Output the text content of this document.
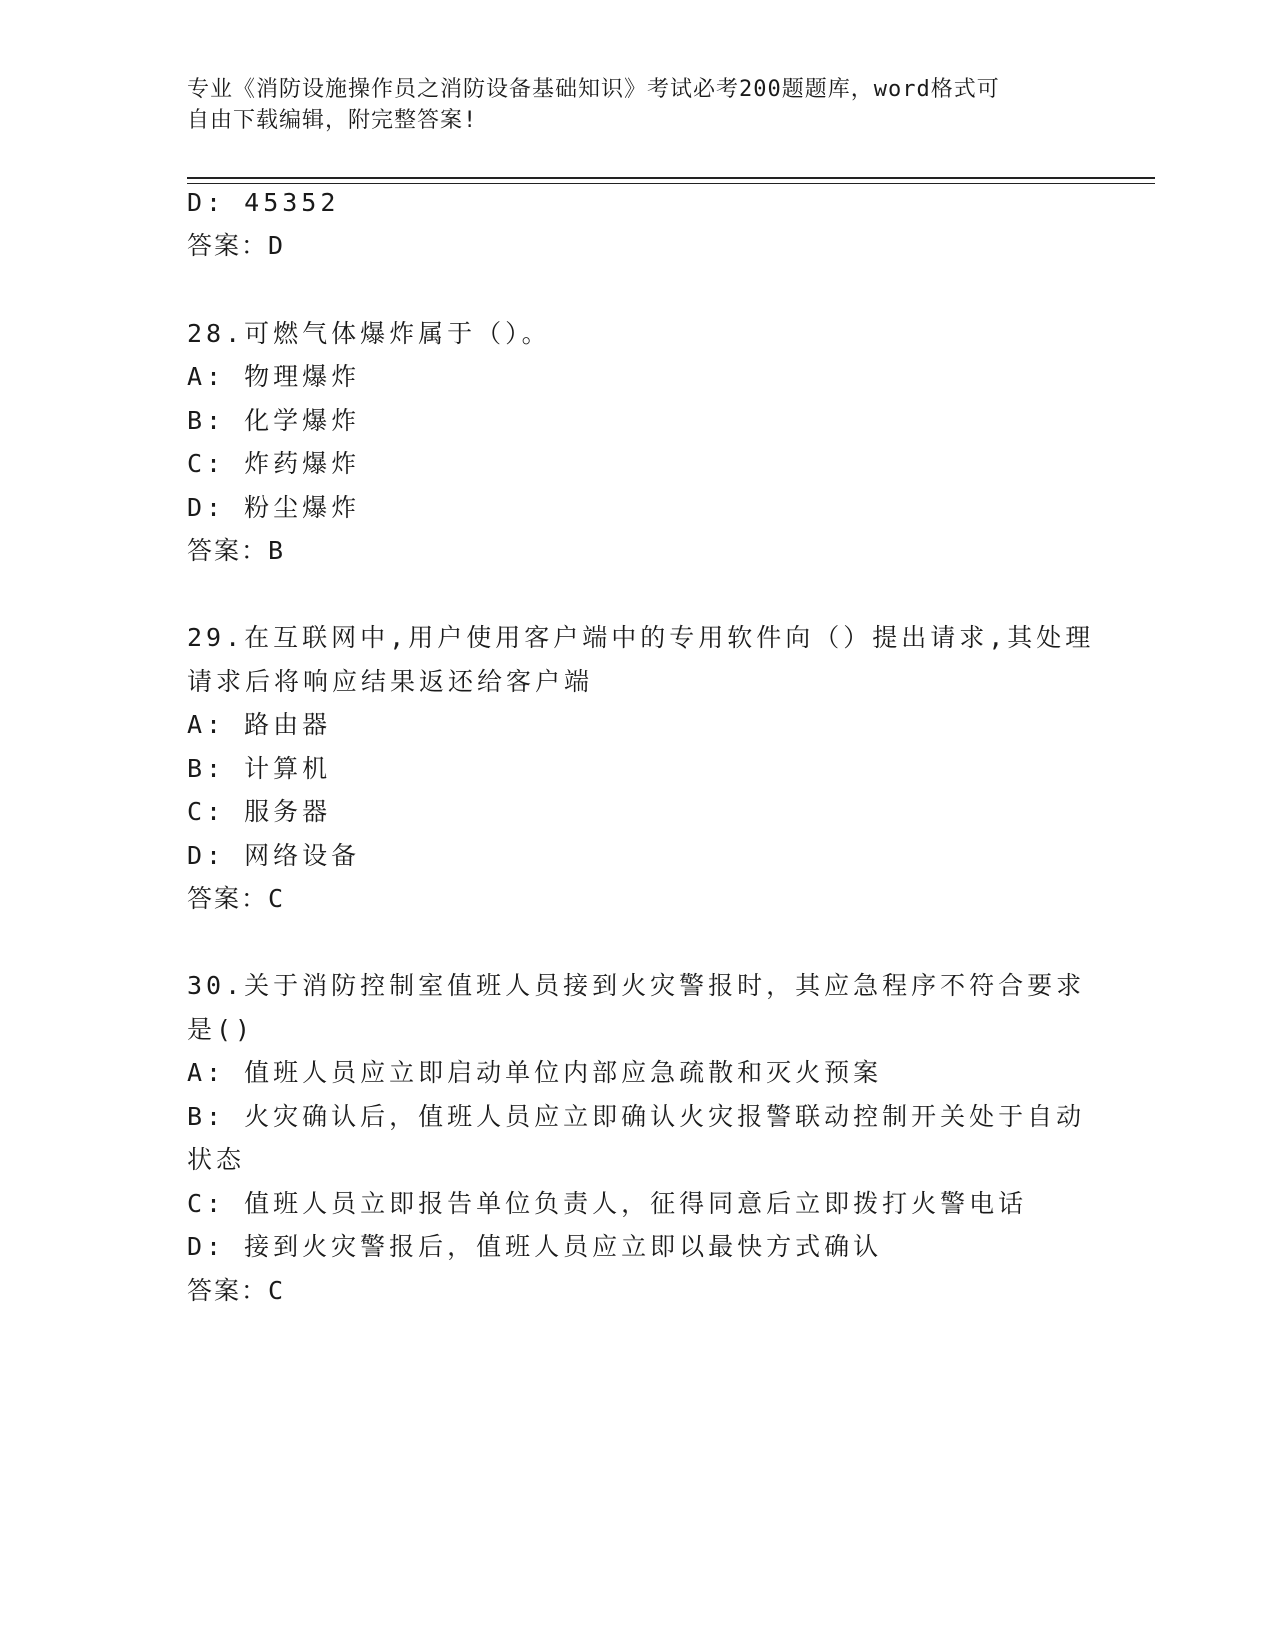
专业《消防设施操作员之消防设备基础知识》考试必考200题题库，word格式可
自由下载编辑，附完整答案!
D: 45352
答案：D
28.可燃气体爆炸属于（）。
A: 物理爆炸
B: 化学爆炸
C: 炸药爆炸
D: 粉尘爆炸
答案：B
29.在互联网中,用户使用客户端中的专用软件向（）提出请求,其处理
请求后将响应结果返还给客户端
A: 路由器
B: 计算机
C: 服务器
D: 网络设备
答案：C
30.关于消防控制室值班人员接到火灾警报时，其应急程序不符合要求
是()
A: 值班人员应立即启动单位内部应急疏散和灭火预案
B: 火灾确认后，值班人员应立即确认火灾报警联动控制开关处于自动
状态
C: 值班人员立即报告单位负责人，征得同意后立即拨打火警电话
D: 接到火灾警报后，值班人员应立即以最快方式确认
答案：C
